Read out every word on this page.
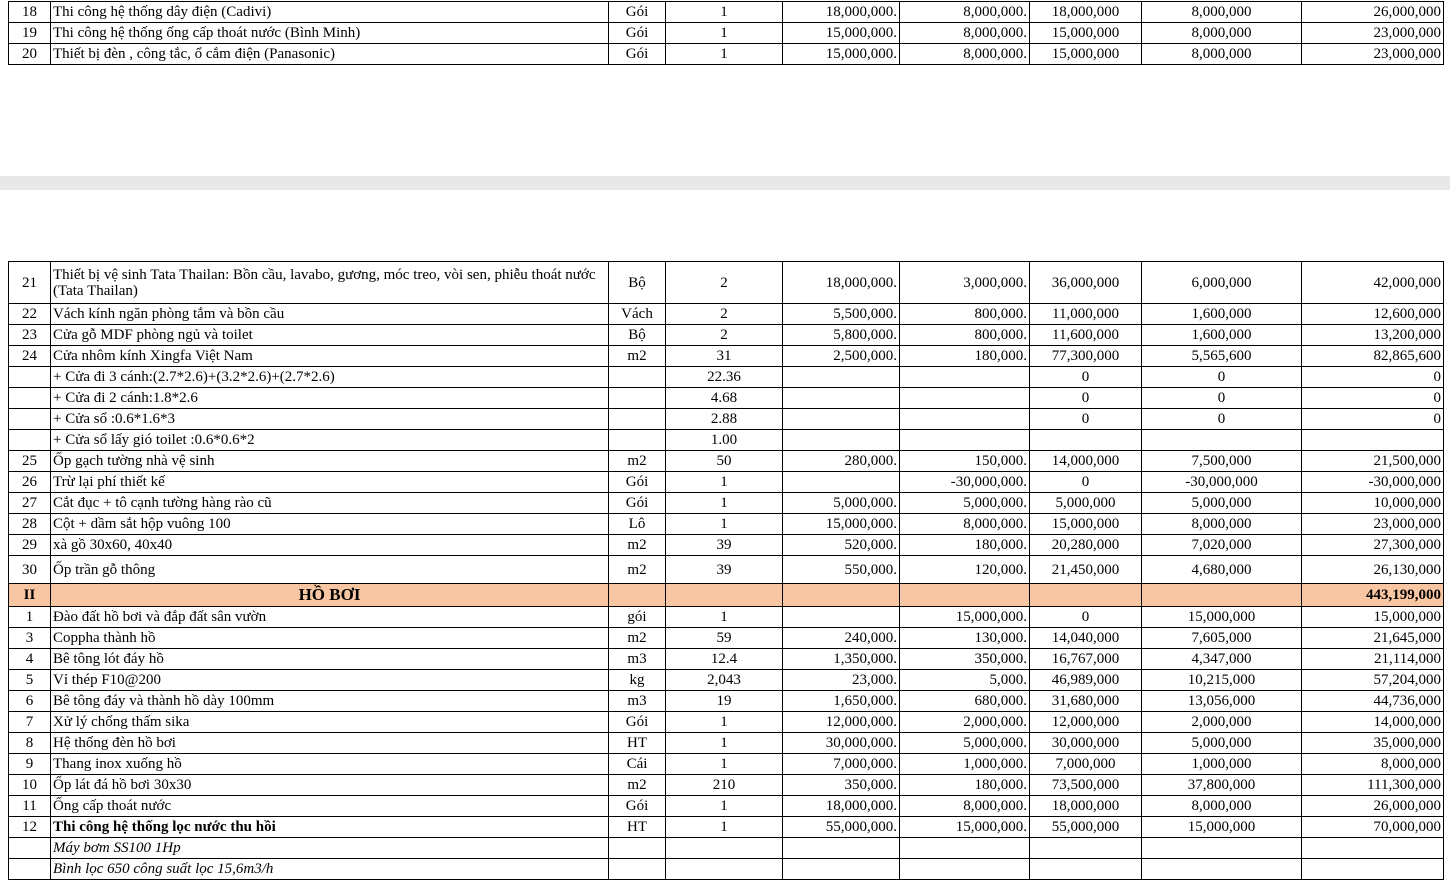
18	Thi công hệ thống dây điện (Cadivi)	Gói	1	18,000,000.	8,000,000.	18,000,000	8,000,000	26,000,000
19	Thi công hệ thống ống cấp thoát nước (Bình Minh)	Gói	1	15,000,000.	8,000,000.	15,000,000	8,000,000	23,000,000
20	Thiết bị đèn , công tắc, ổ cắm điện (Panasonic)	Gói	1	15,000,000.	8,000,000.	15,000,000	8,000,000	23,000,000
21	Thiết bị vệ sinh Tata Thailan: Bồn cầu, lavabo, gương, móc treo, vòi sen, phiễu thoát nước (Tata Thailan)	Bộ	2	18,000,000.	3,000,000.	36,000,000	6,000,000	42,000,000
22	Vách kính ngăn phòng tắm và bồn cầu	Vách	2	5,500,000.	800,000.	11,000,000	1,600,000	12,600,000
23	Cửa gỗ MDF phòng ngủ và toilet	Bộ	2	5,800,000.	800,000.	11,600,000	1,600,000	13,200,000
24	Cửa nhôm kính Xingfa Việt Nam	m2	31	2,500,000.	180,000.	77,300,000	5,565,600	82,865,600
	+ Cửa đi 3 cánh:(2.7*2.6)+(3.2*2.6)+(2.7*2.6)		22.36			0	0	0
	+ Cửa đi 2 cánh:1.8*2.6		4.68			0	0	0
	+ Cửa sổ :0.6*1.6*3		2.88			0	0	0
	+ Cửa sổ lấy gió toilet :0.6*0.6*2		1.00					
25	Ốp gạch tường nhà vệ sinh	m2	50	280,000.	150,000.	14,000,000	7,500,000	21,500,000
26	Trừ lại phí thiết kế	Gói	1		-30,000,000.	0	-30,000,000	-30,000,000
27	Cắt đục + tô cạnh tường hàng rào cũ	Gói	1	5,000,000.	5,000,000.	5,000,000	5,000,000	10,000,000
28	Cột + dầm sắt hộp vuông 100	Lô	1	15,000,000.	8,000,000.	15,000,000	8,000,000	23,000,000
29	xà gồ 30x60, 40x40	m2	39	520,000.	180,000.	20,280,000	7,020,000	27,300,000
30	Ốp trần gỗ thông	m2	39	550,000.	120,000.	21,450,000	4,680,000	26,130,000
II	HỒ BƠI							443,199,000
1	Đào đất hồ bơi và đắp đất sân vườn	gói	1		15,000,000.	0	15,000,000	15,000,000
3	Coppha thành hồ	m2	59	240,000.	130,000.	14,040,000	7,605,000	21,645,000
4	Bê tông lót đáy hồ	m3	12.4	1,350,000.	350,000.	16,767,000	4,347,000	21,114,000
5	Vỉ thép F10@200	kg	2,043	23,000.	5,000.	46,989,000	10,215,000	57,204,000
6	Bê tông đáy và thành hồ dày 100mm	m3	19	1,650,000.	680,000.	31,680,000	13,056,000	44,736,000
7	Xử lý chống thấm sika	Gói	1	12,000,000.	2,000,000.	12,000,000	2,000,000	14,000,000
8	Hệ thống đèn hồ bơi	HT	1	30,000,000.	5,000,000.	30,000,000	5,000,000	35,000,000
9	Thang inox xuống hồ	Cái	1	7,000,000.	1,000,000.	7,000,000	1,000,000	8,000,000
10	Ốp lát đá hồ bơi 30x30	m2	210	350,000.	180,000.	73,500,000	37,800,000	111,300,000
11	Ống cấp thoát nước	Gói	1	18,000,000.	8,000,000.	18,000,000	8,000,000	26,000,000
12	Thi công hệ thống lọc nước thu hồi	HT	1	55,000,000.	15,000,000.	55,000,000	15,000,000	70,000,000
	Máy bơm SS100 1Hp							
	Bình lọc 650 công suất lọc 15,6m3/h							
